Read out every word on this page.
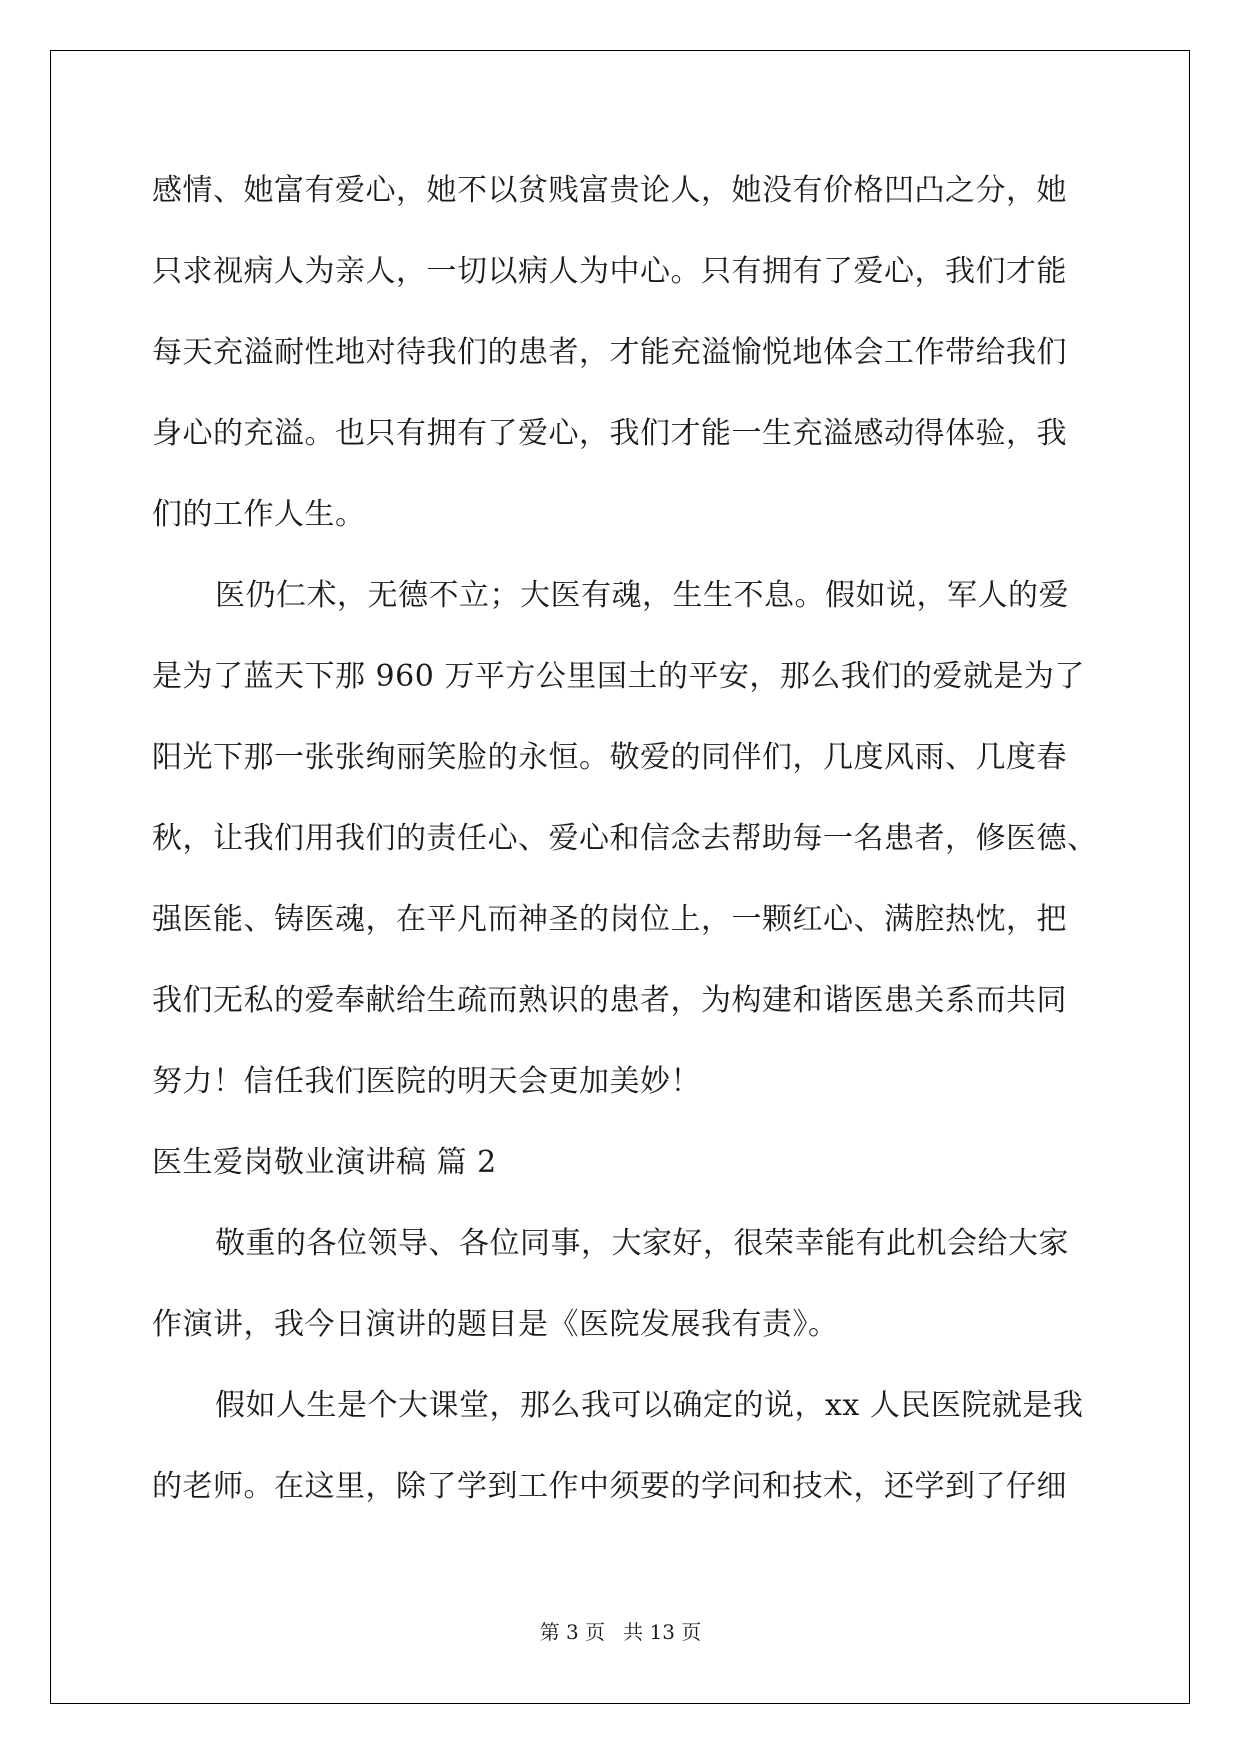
感情、她富有爱心，她不以贫贱富贵论人，她没有价格凹凸之分，她
只求视病人为亲人，一切以病人为中心。只有拥有了爱心，我们才能
每天充溢耐性地对待我们的患者，才能充溢愉悦地体会工作带给我们
身心的充溢。也只有拥有了爱心，我们才能一生充溢感动得体验，我
们的工作人生。
医仍仁术，无德不立；大医有魂，生生不息。假如说，军人的爱
是为了蓝天下那 960 万平方公里国土的平安，那么我们的爱就是为了
阳光下那一张张绚丽笑脸的永恒。敬爱的同伴们，几度风雨、几度春
秋，让我们用我们的责任心、爱心和信念去帮助每一名患者，修医德、
强医能、铸医魂，在平凡而神圣的岗位上，一颗红心、满腔热忱，把
我们无私的爱奉献给生疏而熟识的患者，为构建和谐医患关系而共同
努力！信任我们医院的明天会更加美妙！
医生爱岗敬业演讲稿 篇 2
敬重的各位领导、各位同事，大家好，很荣幸能有此机会给大家
作演讲，我今日演讲的题目是《医院发展我有责》。
假如人生是个大课堂，那么我可以确定的说，xx 人民医院就是我
的老师。在这里，除了学到工作中须要的学问和技术，还学到了仔细
第 3 页 共 13 页
